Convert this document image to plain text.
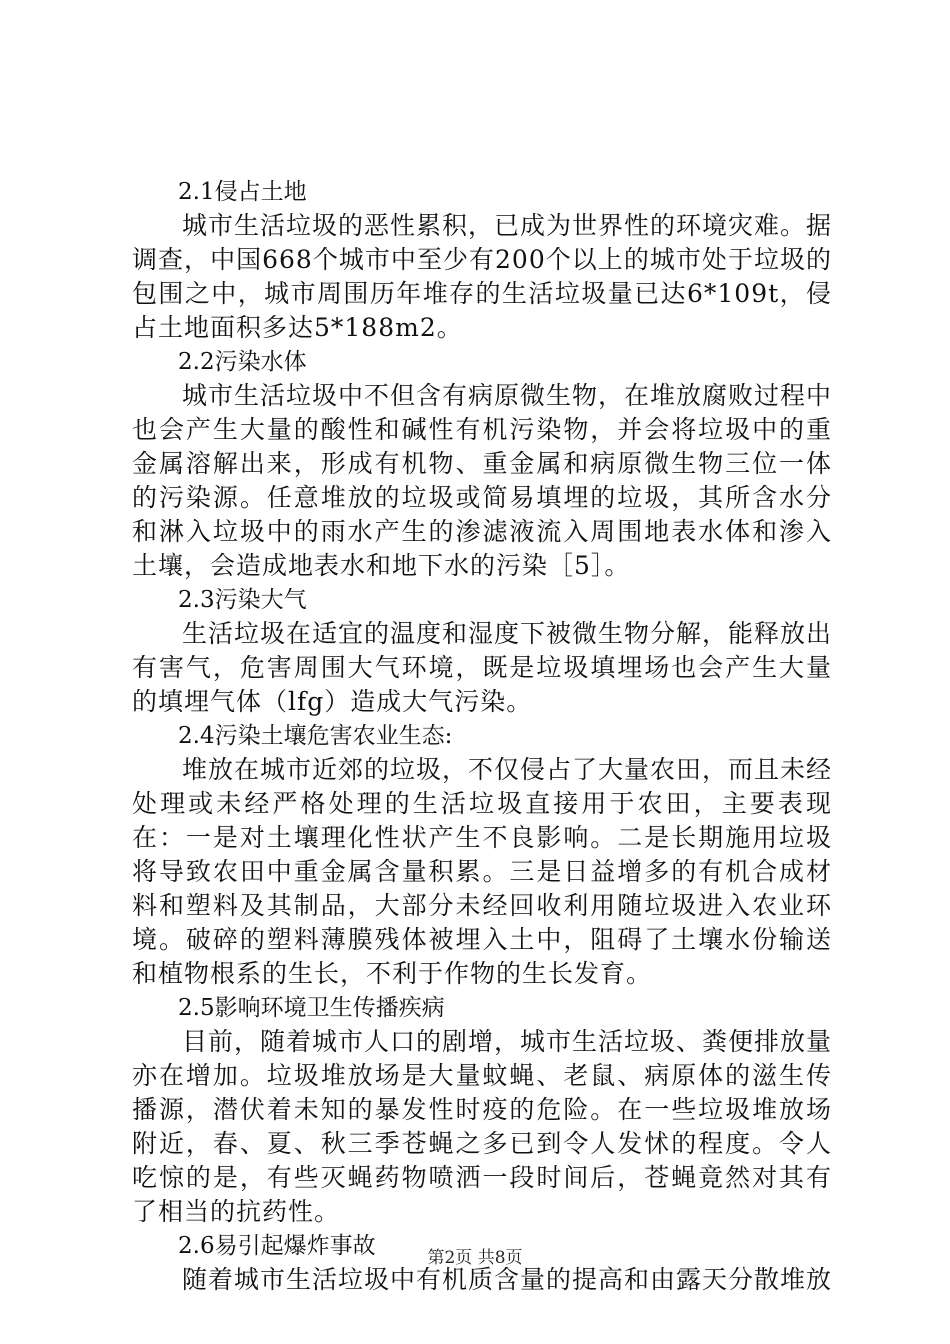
2.1侵占土地

城市生活垃圾的恶性累积，已成为世界性的环境灾难。据调查，中国668个城市中至少有200个以上的城市处于垃圾的包围之中，城市周围历年堆存的生活垃圾量已达6*109t，侵占土地面积多达5*188m2。

2.2污染水体

城市生活垃圾中不但含有病原微生物，在堆放腐败过程中也会产生大量的酸性和碱性有机污染物，并会将垃圾中的重金属溶解出来，形成有机物、重金属和病原微生物三位一体的污染源。任意堆放的垃圾或简易填埋的垃圾，其所含水分和淋入垃圾中的雨水产生的渗滤液流入周围地表水体和渗入土壤，会造成地表水和地下水的污染［5］。

2.3污染大气

生活垃圾在适宜的温度和湿度下被微生物分解，能释放出有害气，危害周围大气环境，既是垃圾填埋场也会产生大量的填埋气体（lfg）造成大气污染。

2.4污染土壤危害农业生态:

堆放在城市近郊的垃圾，不仅侵占了大量农田，而且未经处理或未经严格处理的生活垃圾直接用于农田，主要表现在：一是对土壤理化性状产生不良影响。二是长期施用垃圾将导致农田中重金属含量积累。三是日益增多的有机合成材料和塑料及其制品，大部分未经回收利用随垃圾进入农业环境。破碎的塑料薄膜残体被埋入土中，阻碍了土壤水份输送和植物根系的生长，不利于作物的生长发育。

2.5影响环境卫生传播疾病

目前，随着城市人口的剧增，城市生活垃圾、粪便排放量亦在增加。垃圾堆放场是大量蚊蝇、老鼠、病原体的滋生传播源，潜伏着未知的暴发性时疫的危险。在一些垃圾堆放场附近，春、夏、秋三季苍蝇之多已到令人发怵的程度。令人吃惊的是，有些灭蝇药物喷洒一段时间后，苍蝇竟然对其有了相当的抗药性。

2.6易引起爆炸事故

随着城市生活垃圾中有机质含量的提高和由露天分散堆放

第2页 共8页
